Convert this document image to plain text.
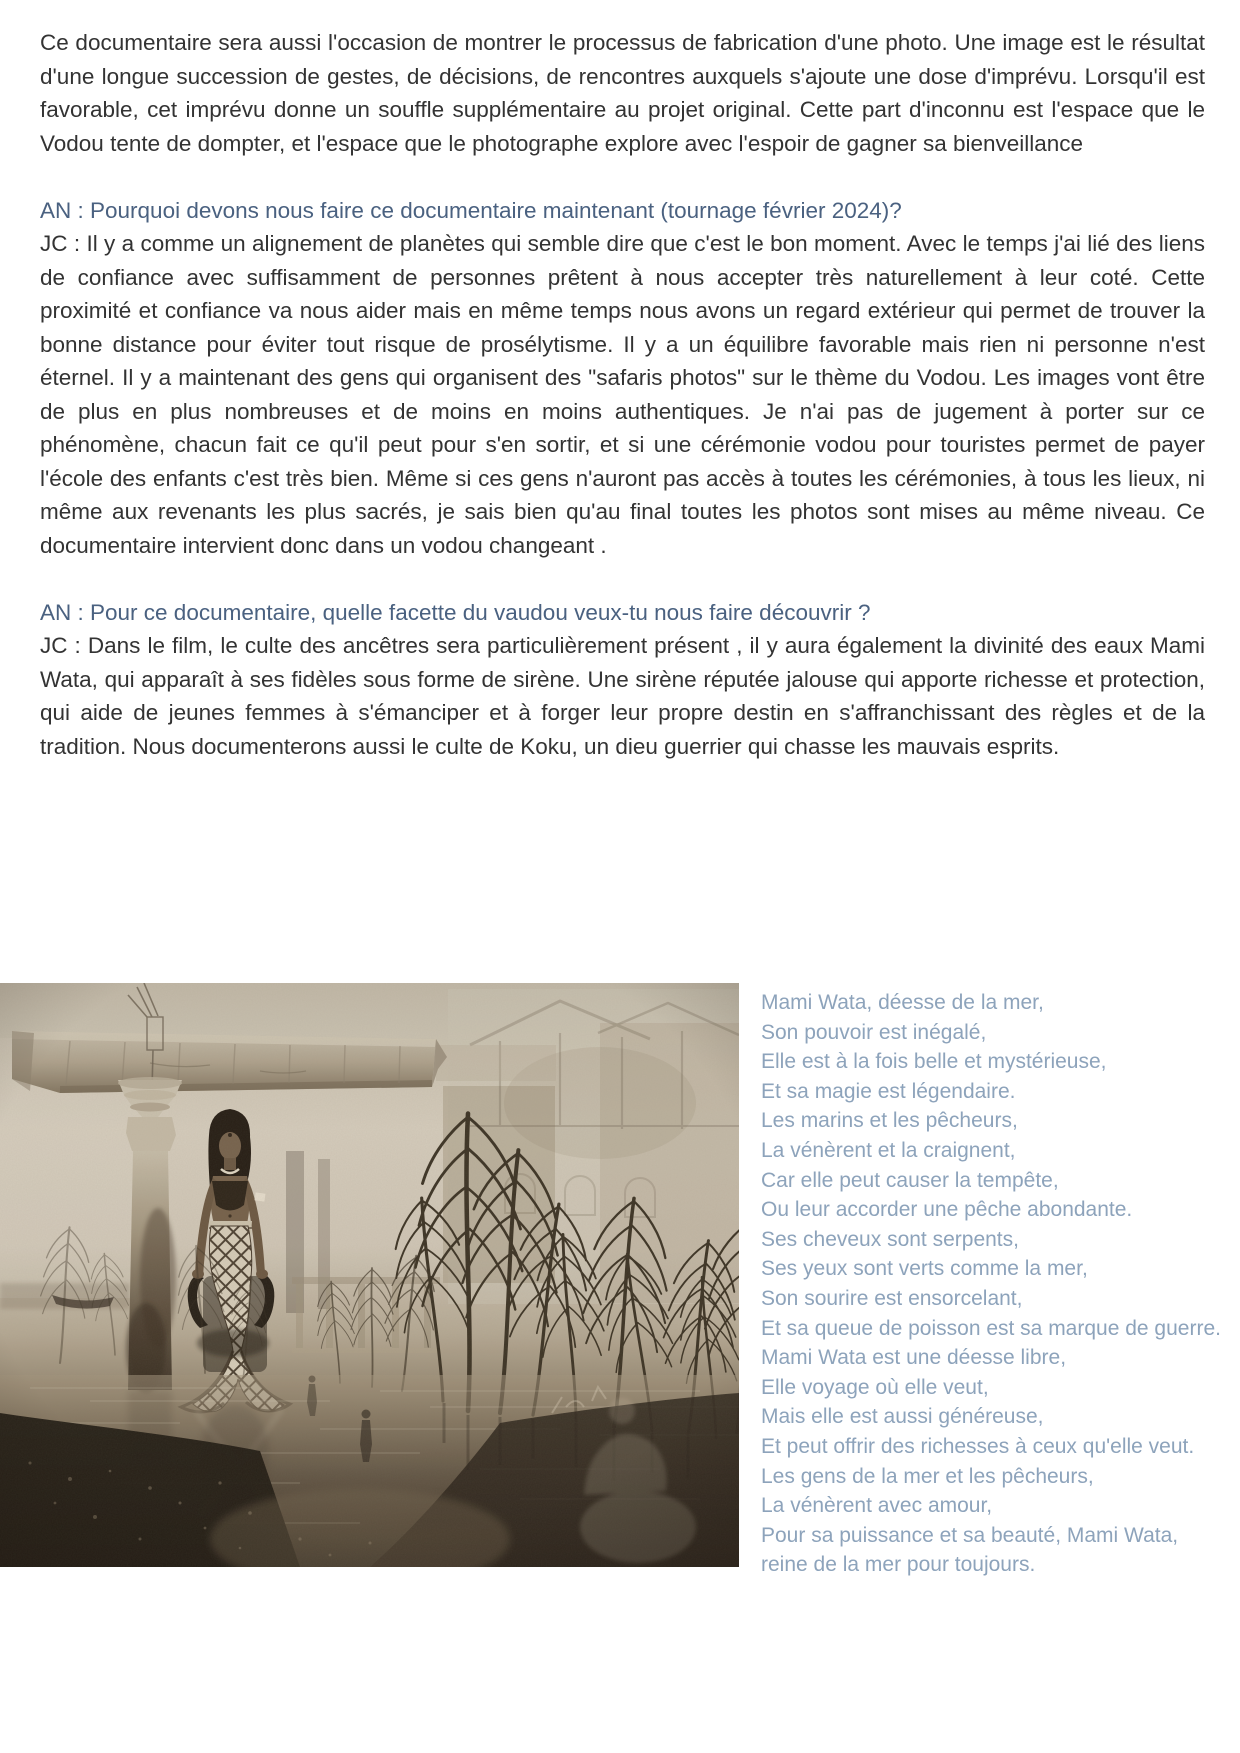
Ce documentaire sera aussi l'occasion de montrer le processus de fabrication d'une photo. Une image est le résultat d'une longue succession de gestes, de décisions, de rencontres auxquels s'ajoute une dose d'imprévu. Lorsqu'il est favorable, cet imprévu donne un souffle supplémentaire au projet original. Cette part d'inconnu est l'espace que le Vodou tente de dompter, et l'espace que le photographe explore avec l'espoir de gagner sa bienveillance

AN : Pourquoi devons nous faire ce documentaire maintenant (tournage février 2024)?

JC : Il y a comme un alignement de planètes qui semble dire que c'est le bon moment. Avec le temps j'ai lié des liens de confiance avec suffisamment de personnes prêtent à nous accepter très naturellement à leur coté. Cette proximité et confiance va nous aider mais en même temps nous avons un regard extérieur qui permet de trouver la bonne distance pour éviter tout risque de prosélytisme. Il y a un équilibre favorable mais rien ni personne n'est éternel. Il y a maintenant des gens qui organisent des "safaris photos" sur le thème du Vodou. Les images vont être de plus en plus nombreuses et de moins en moins authentiques. Je n'ai pas de jugement à porter sur ce phénomène, chacun fait ce qu'il peut pour s'en sortir, et si une cérémonie vodou pour touristes permet de payer l'école des enfants c'est très bien. Même si ces gens n'auront pas accès à toutes les cérémonies, à tous les lieux, ni même aux revenants les plus sacrés, je sais bien qu'au final toutes les photos sont mises au même niveau. Ce documentaire intervient donc dans un vodou changeant .

AN : Pour ce documentaire, quelle facette du vaudou veux-tu nous faire découvrir ?

JC : Dans le film, le culte des ancêtres sera particulièrement présent , il y aura également la divinité des eaux Mami Wata, qui apparaît à ses fidèles sous forme de sirène. Une sirène réputée jalouse qui apporte richesse et protection, qui aide de jeunes femmes à s'émanciper et à forger leur propre destin en s'affranchissant des règles et de la tradition. Nous documenterons aussi le culte de Koku, un dieu guerrier qui chasse les mauvais esprits.

Mami Wata, déesse de la mer,
Son pouvoir est inégalé,
Elle est à la fois belle et mystérieuse,
Et sa magie est légendaire.
Les marins et les pêcheurs,
La vénèrent et la craignent,
Car elle peut causer la tempête,
Ou leur accorder une pêche abondante.
Ses cheveux sont serpents,
Ses yeux sont verts comme la mer,
Son sourire est ensorcelant,
Et sa queue de poisson est sa marque de guerre.
Mami Wata est une déesse libre,
Elle voyage où elle veut,
Mais elle est aussi généreuse,
Et peut offrir des richesses à ceux qu'elle veut.
Les gens de la mer et les pêcheurs,
La vénèrent avec amour,
Pour sa puissance et sa beauté, Mami Wata,
reine de la mer pour toujours.
